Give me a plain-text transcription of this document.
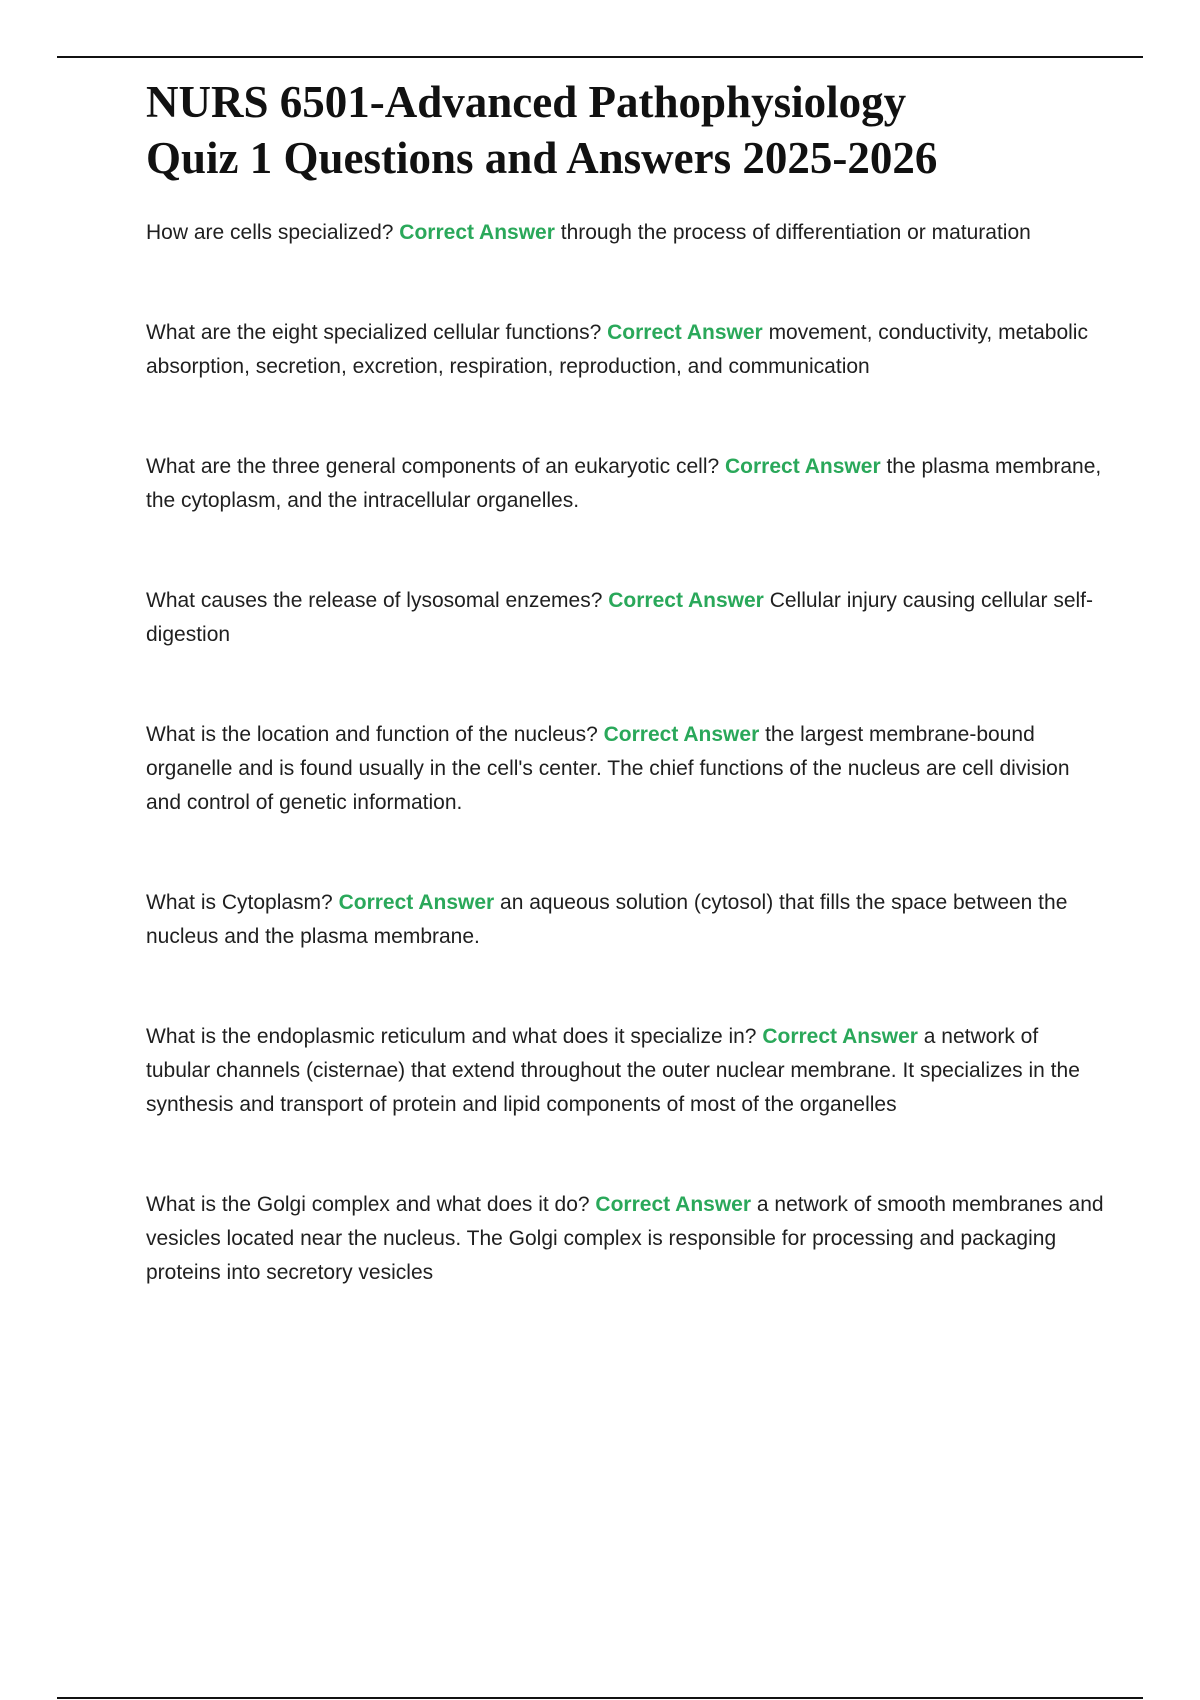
NURS 6501-Advanced Pathophysiology
Quiz 1 Questions and Answers 2025-2026

How are cells specialized? Correct Answer through the process of differentiation or maturation

What are the eight specialized cellular functions? Correct Answer movement, conductivity, metabolic absorption, secretion, excretion, respiration, reproduction, and communication

What are the three general components of an eukaryotic cell? Correct Answer the plasma membrane, the cytoplasm, and the intracellular organelles.

What causes the release of lysosomal enzemes? Correct Answer Cellular injury causing cellular self-digestion

What is the location and function of the nucleus? Correct Answer the largest membrane-bound organelle and is found usually in the cell's center. The chief functions of the nucleus are cell division and control of genetic information.

What is Cytoplasm? Correct Answer an aqueous solution (cytosol) that fills the space between the nucleus and the plasma membrane.

What is the endoplasmic reticulum and what does it specialize in? Correct Answer a network of tubular channels (cisternae) that extend throughout the outer nuclear membrane. It specializes in the synthesis and transport of protein and lipid components of most of the organelles

What is the Golgi complex and what does it do? Correct Answer a network of smooth membranes and vesicles located near the nucleus. The Golgi complex is responsible for processing and packaging proteins into secretory vesicles
